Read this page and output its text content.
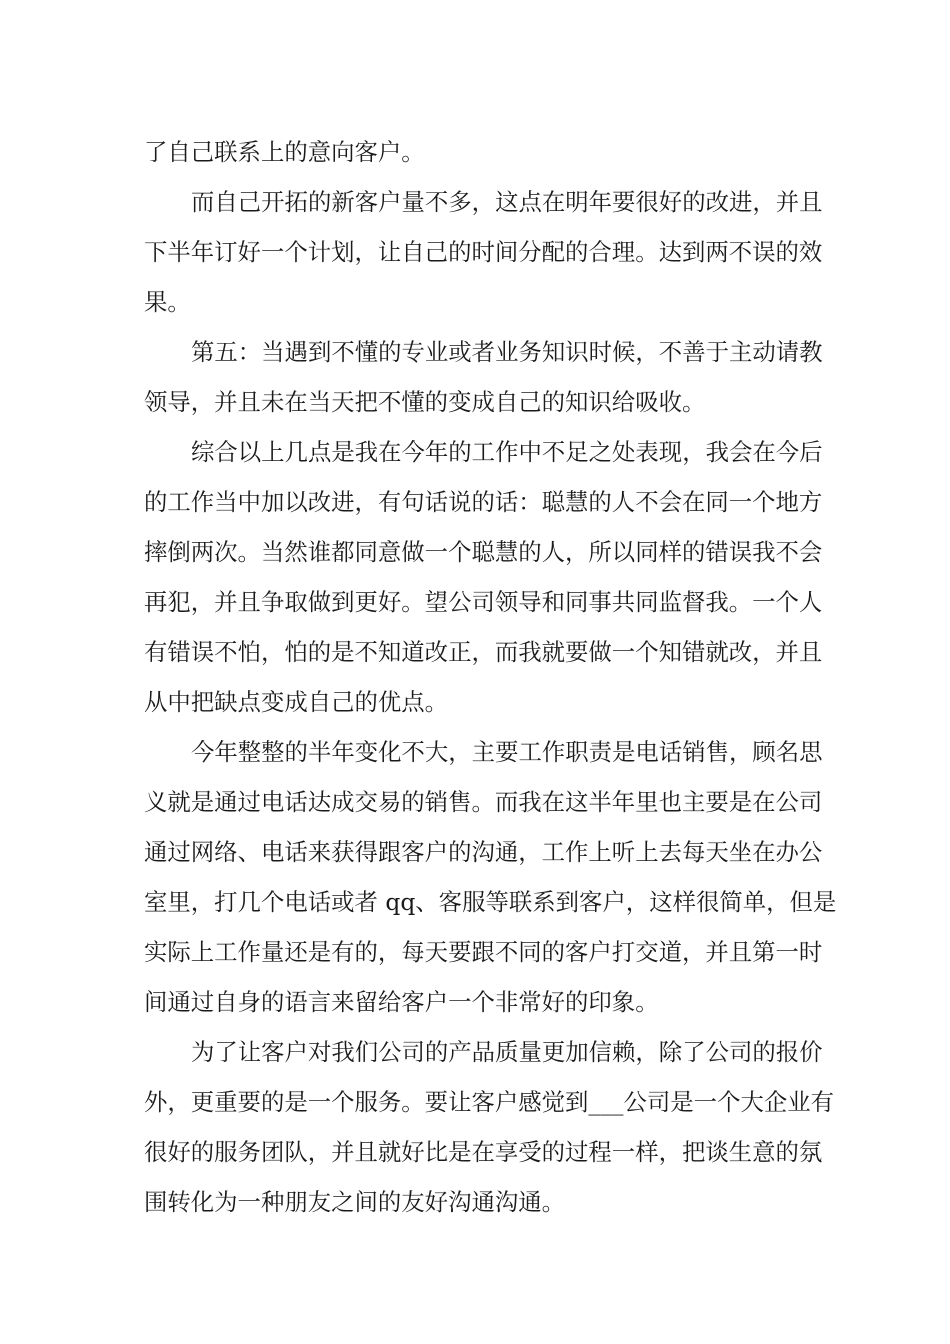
了自己联系上的意向客户。
而自己开拓的新客户量不多，这点在明年要很好的改进，并且
下半年订好一个计划，让自己的时间分配的合理。达到两不误的效
果。
第五：当遇到不懂的专业或者业务知识时候，不善于主动请教
领导，并且未在当天把不懂的变成自己的知识给吸收。
综合以上几点是我在今年的工作中不足之处表现，我会在今后
的工作当中加以改进，有句话说的话：聪慧的人不会在同一个地方
摔倒两次。当然谁都同意做一个聪慧的人，所以同样的错误我不会
再犯，并且争取做到更好。望公司领导和同事共同监督我。一个人
有错误不怕，怕的是不知道改正，而我就要做一个知错就改，并且
从中把缺点变成自己的优点。
今年整整的半年变化不大，主要工作职责是电话销售，顾名思
义就是通过电话达成交易的销售。而我在这半年里也主要是在公司
通过网络、电话来获得跟客户的沟通，工作上听上去每天坐在办公
室里，打几个电话或者 qq、客服等联系到客户，这样很简单，但是
实际上工作量还是有的，每天要跟不同的客户打交道，并且第一时
间通过自身的语言来留给客户一个非常好的印象。
为了让客户对我们公司的产品质量更加信赖，除了公司的报价
外，更重要的是一个服务。要让客户感觉到___公司是一个大企业有
很好的服务团队，并且就好比是在享受的过程一样，把谈生意的氛
围转化为一种朋友之间的友好沟通沟通。
